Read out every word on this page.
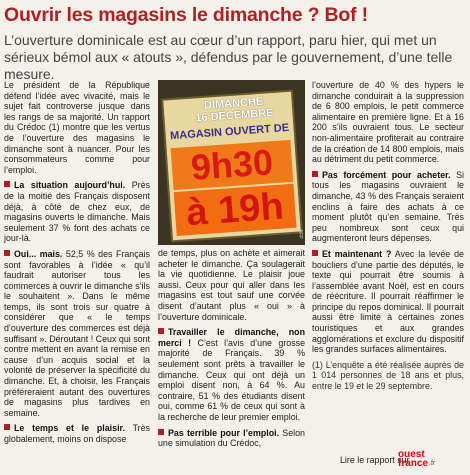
Ouvrir les magasins le dimanche ? Bof !
L’ouverture dominicale est au cœur d’un rapport, paru hier, qui met un sérieux bémol aux « atouts », défendus par le gouvernement, d’une telle mesure.

Le président de la République défend l’idée avec vivacité, mais le sujet fait controverse jusque dans les rangs de sa majorité. Un rapport du Crédoc (1) montre que les vertus de l’ouverture des magasins le dimanche sont à nuancer. Pour les consommateurs comme pour l’emploi.

La situation aujourd’hui. Près de la moitié des Français disposent déjà, à côté de chez eux, de magasins ouverts le dimanche. Mais seulement 37 % font des achats ce jour-là.

Oui... mais. 52,5 % des Français sont favorables à l’idée « qu’il faudrait autoriser tous les commerces à ouvrir le dimanche s’ils le souhaitent ». Dans le même temps, ils sont trois sur quatre à considérer que « le temps d’ouverture des commerces est déjà suffisant ». Déroutant ! Ceux qui sont contre mettent en avant la remise en cause d’un acquis social et la volonté de préserver la spécificité du dimanche. Et, à choisir, les Français préféreraient autant des ouvertures de magasins plus tardives en semaine.

Le temps et le plaisir. Très globalement, moins on dispose

DIMANCHE
16 DÉCEMBRE
MAGASIN OUVERT DE
9h30
à 19h	AFP

de temps, plus on achète et aimerait acheter le dimanche. Ça soulagerait la vie quotidienne. Le plaisir joue aussi. Ceux pour qui aller dans les magasins est tout sauf une corvée disent d’autant plus « oui » à l’ouverture dominicale.

Travailler le dimanche, non merci ! C’est l’avis d’une grosse majorité de Français. 39 % seulement sont prêts à travailler le dimanche. Ceux qui ont déjà un emploi disent non, à 64 %. Au contraire, 51 % des étudiants disent oui, comme 61 % de ceux qui sont à la recherche de leur premier emploi.

Pas terrible pour l’emploi. Selon une simulation du Crédoc,

l’ouverture de 40 % des hypers le dimanche conduirait à la suppression de 6 800 emplois, le petit commerce alimentaire en première ligne. Et à 16 200 s’ils ouvraient tous. Le secteur non-alimentaire profiterait au contraire de la création de 14 800 emplois, mais au détriment du petit commerce.

Pas forcément pour acheter. Si tous les magasins ouvraient le dimanche, 43 % des Français seraient enclins à faire des achats à ce moment plutôt qu’en semaine. Très peu nombreux sont ceux qui augmenteront leurs dépenses.

Et maintenant ? Avec la levée de boucliers d’une partie des députés, le texte qui pourrait être soumis à l’assemblée avant Noël, est en cours de réécriture. Il pourrait réaffirmer le principe du repos dominical. Il pourrait aussi être limité à certaines zones touristiques et aux grandes agglomérations et exclure du dispositif les grandes surfaces alimentaires.

(1) L’enquête a été réalisée auprès de 1 014 personnes de 18 ans et plus, entre le 19 et le 29 septembre.

Lire le rapport sur
ouest
france .fr
